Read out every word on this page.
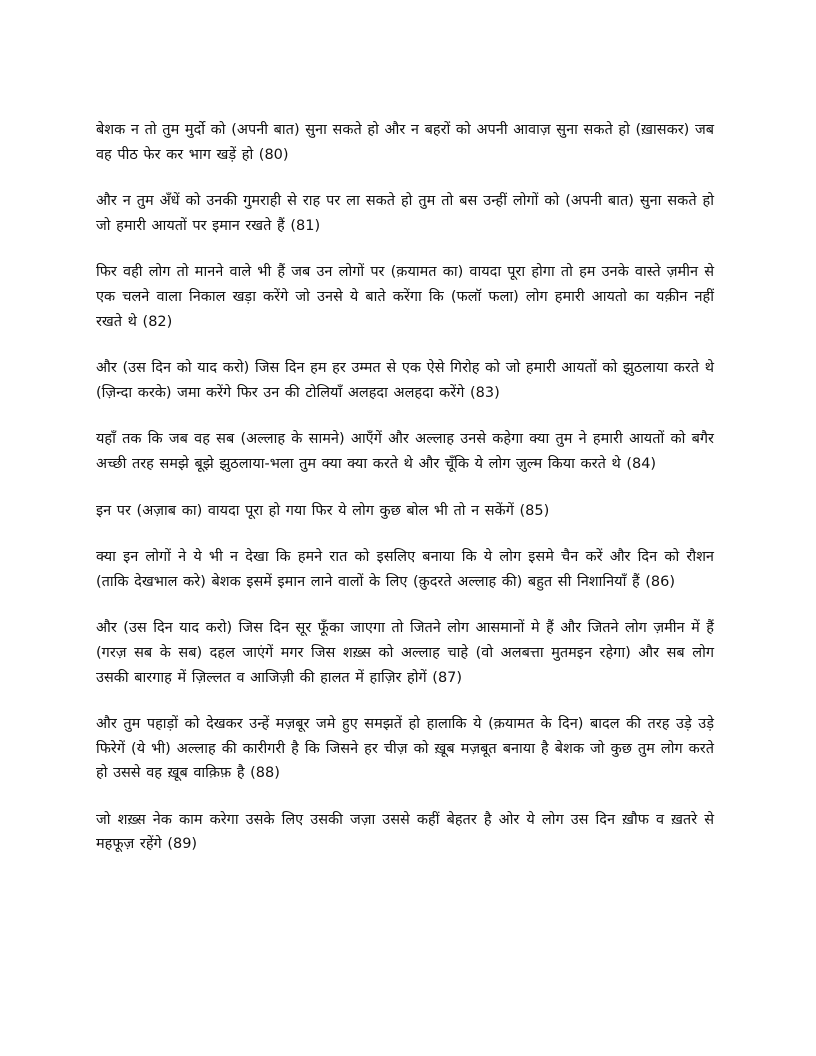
बेशक न तो तुम मुर्दो को (अपनी बात) सुना सकते हो और न बहरों को अपनी आवाज़ सुना सकते हो (ख़ासकर) जब वह पीठ फेर कर भाग खड़ें हो (80)

और न तुम अँधें को उनकी गुमराही से राह पर ला सकते हो तुम तो बस उन्हीं लोगों को (अपनी बात) सुना सकते हो जो हमारी आयतों पर इमान रखते हैं (81)

फिर वही लोग तो मानने वाले भी हैं जब उन लोगों पर (क़यामत का) वायदा पूरा होगा तो हम उनके वास्ते ज़मीन से एक चलने वाला निकाल खड़ा करेंगे जो उनसे ये बाते करेंगा कि (फलॉ फला) लोग हमारी आयतो का यक़ीन नहीं रखते थे (82)

और (उस दिन को याद करो) जिस दिन हम हर उम्मत से एक ऐसे गिरोह को जो हमारी आयतों को झुठलाया करते थे (ज़िन्दा करके) जमा करेंगे फिर उन की टोलियाँ अलहदा अलहदा करेंगे (83)

यहाँ तक कि जब वह सब (अल्लाह के सामने) आएँगें और अल्लाह उनसे कहेगा क्या तुम ने हमारी आयतों को बगैर अच्छी तरह समझे बूझे झुठलाया-भला तुम क्या क्या करते थे और चूँकि ये लोग ज़ुल्म किया करते थे (84)

इन पर (अज़ाब का) वायदा पूरा हो गया फिर ये लोग कुछ बोल भी तो न सकेंगें (85)

क्या इन लोगों ने ये भी न देखा कि हमने रात को इसलिए बनाया कि ये लोग इसमे चैन करें और दिन को रौशन (ताकि देखभाल करे) बेशक इसमें इमान लाने वालों के लिए (क़ुदरते अल्लाह की) बहुत सी निशानियाँ हैं (86)

और (उस दिन याद करो) जिस दिन सूर फूँका जाएगा तो जितने लोग आसमानों मे हैं और जितने लोग ज़मीन में हैं (गरज़ सब के सब) दहल जाएंगें मगर जिस शख़्स को अल्लाह चाहे (वो अलबत्ता मुतमइन रहेगा) और सब लोग उसकी बारगाह में ज़िल्लत व आजिज़ी की हालत में हाज़िर होगें (87)

और तुम पहाड़ों को देखकर उन्हें मज़बूर जमे हुए समझतें हो हालाकि ये (क़यामत के दिन) बादल की तरह उड़े उड़े फिरेगें (ये भी) अल्लाह की कारीगरी है कि जिसने हर चीज़ को ख़ूब मज़बूत बनाया है बेशक जो कुछ तुम लोग करते हो उससे वह ख़ूब वाक़िफ़ है (88)

जो शख़्स नेक काम करेगा उसके लिए उसकी जज़ा उससे कहीं बेहतर है ओर ये लोग उस दिन ख़ौफ व ख़तरे से महफूज़ रहेंगे (89)
